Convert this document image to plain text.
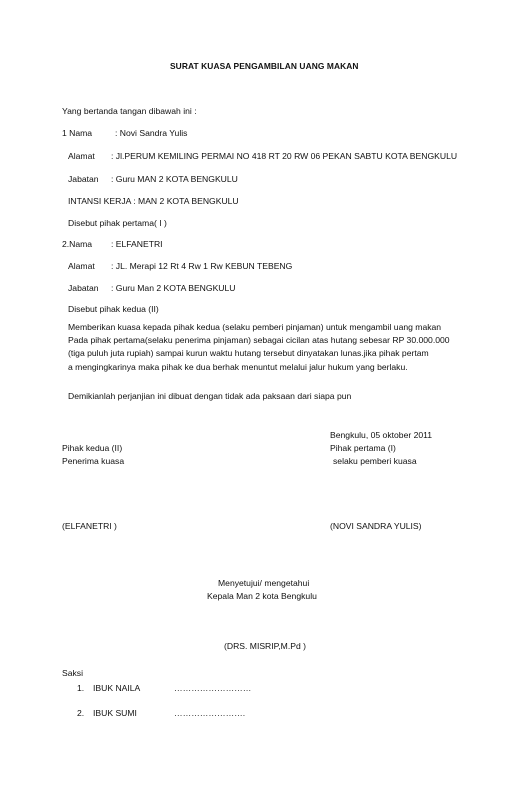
SURAT KUASA PENGAMBILAN UANG MAKAN
Yang bertanda tangan dibawah ini :
1 Nama	: Novi Sandra Yulis
Alamat : Jl.PERUM KEMILING PERMAI NO 418 RT 20 RW 06 PEKAN SABTU KOTA BENGKULU
Jabatan : Guru MAN 2 KOTA BENGKULU
INTANSI KERJA : MAN 2 KOTA BENGKULU
Disebut pihak pertama( I )
2.Nama : ELFANETRI
Alamat : JL. Merapi 12 Rt 4 Rw 1 Rw KEBUN TEBENG
Jabatan : Guru Man 2 KOTA BENGKULU
Disebut pihak kedua (II)
Memberikan kuasa kepada pihak kedua (selaku pemberi pinjaman) untuk mengambil uang makan
Pada pihak pertama(selaku penerima pinjaman) sebagai cicilan atas hutang sebesar RP 30.000.000
(tiga puluh juta rupiah) sampai kurun waktu hutang tersebut dinyatakan lunas.jika pihak pertam
a mengingkarinya maka pihak ke dua berhak menuntut melalui jalur hukum yang berlaku.
Demikianlah perjanjian ini dibuat dengan tidak ada paksaan dari siapa pun
Bengkulu, 05 oktober 2011
Pihak kedua (II)	Pihak pertama (I)
Penerima kuasa	selaku pemberi kuasa
(ELFANETRI )	(NOVI SANDRA YULIS)
Menyetujui/ mengetahui
Kepala Man 2 kota Bengkulu
(DRS. MISRIP,M.Pd )
Saksi
1. IBUK NAILA	………………………
2. IBUK SUMI	…………………….
